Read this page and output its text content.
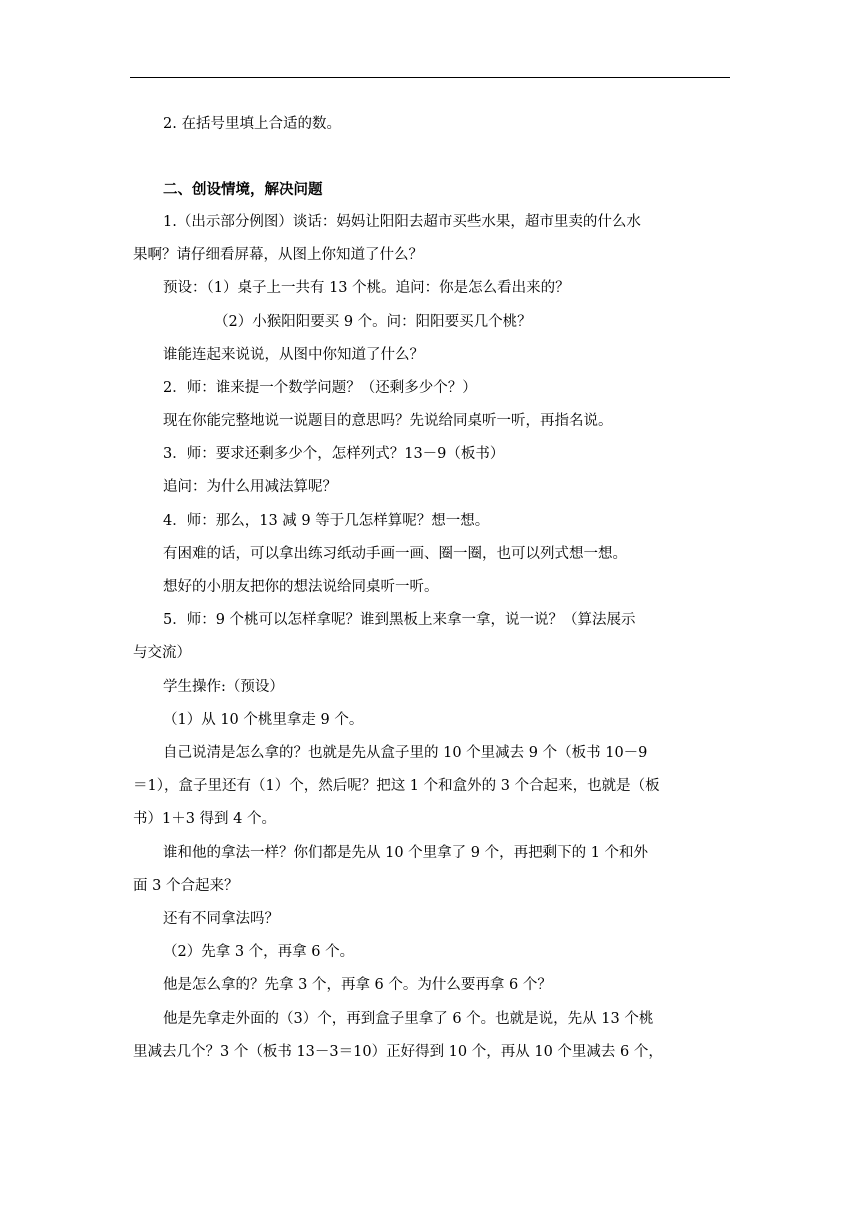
2. 在括号里填上合适的数。
二、创设情境，解决问题
1.（出示部分例图）谈话：妈妈让阳阳去超市买些水果，超市里卖的什么水
果啊？请仔细看屏幕，从图上你知道了什么？
预设：（1）桌子上一共有 13 个桃。追问：你是怎么看出来的？
（2）小猴阳阳要买 9 个。问：阳阳要买几个桃？
谁能连起来说说，从图中你知道了什么？
2．师：谁来提一个数学问题？（还剩多少个？）
现在你能完整地说一说题目的意思吗？先说给同桌听一听，再指名说。
3．师：要求还剩多少个，怎样列式？13－9（板书）
追问：为什么用减法算呢？
4．师：那么，13 减 9 等于几怎样算呢？想一想。
有困难的话，可以拿出练习纸动手画一画、圈一圈，也可以列式想一想。
想好的小朋友把你的想法说给同桌听一听。
5．师：9 个桃可以怎样拿呢？谁到黑板上来拿一拿，说一说？（算法展示
与交流）
学生操作:（预设）
（1）从 10 个桃里拿走 9 个。
自己说清是怎么拿的？也就是先从盒子里的 10 个里减去 9 个（板书 10－9
＝1），盒子里还有（1）个，然后呢？把这 1 个和盒外的 3 个合起来，也就是（板
书）1＋3 得到 4 个。
谁和他的拿法一样？你们都是先从 10 个里拿了 9 个，再把剩下的 1 个和外
面 3 个合起来？
还有不同拿法吗？
（2）先拿 3 个，再拿 6 个。
他是怎么拿的？先拿 3 个，再拿 6 个。为什么要再拿 6 个？
他是先拿走外面的（3）个，再到盒子里拿了 6 个。也就是说，先从 13 个桃
里减去几个？3 个（板书 13－3＝10）正好得到 10 个，再从 10 个里减去 6 个，
